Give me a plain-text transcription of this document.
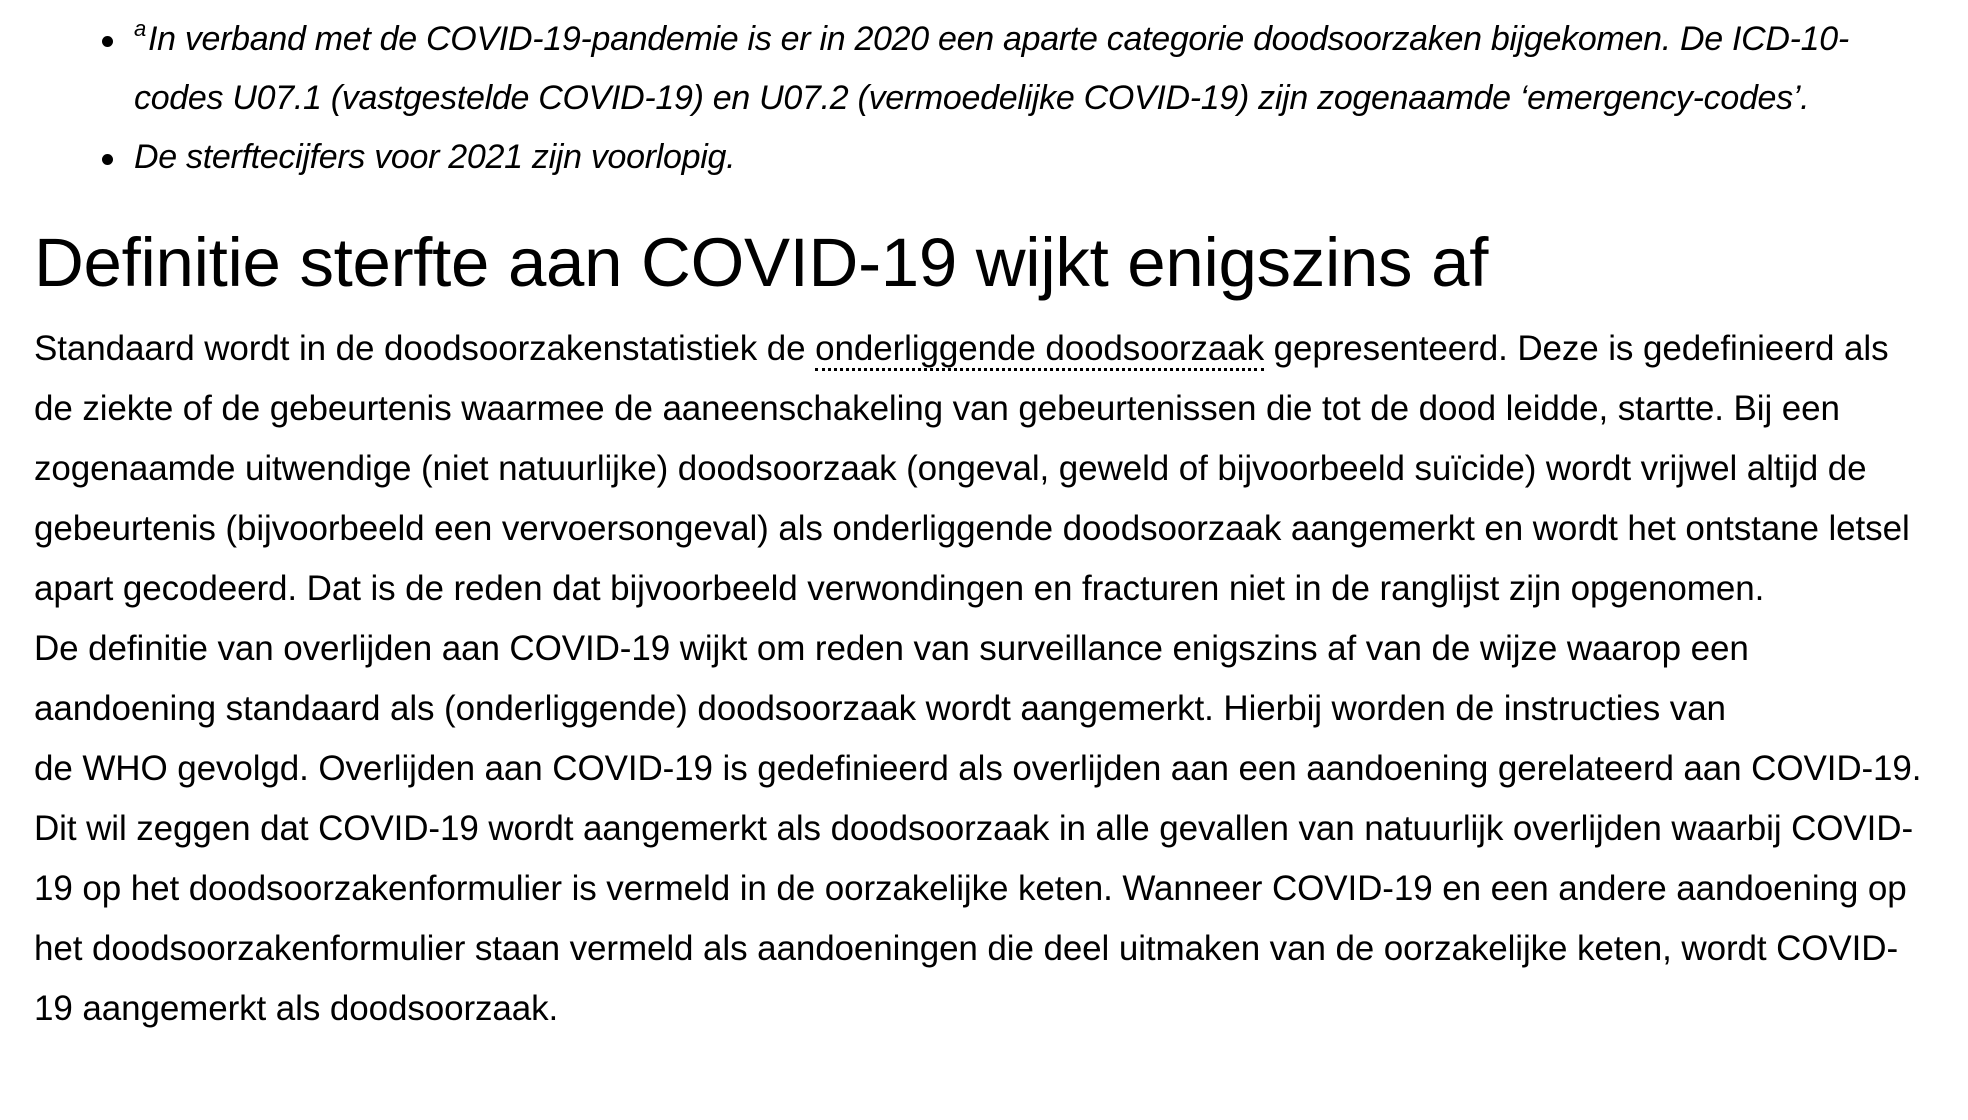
$^a$In verband met de COVID-19-pandemie is er in 2020 een aparte categorie doodsoorzaken bijgekomen. De ICD-10-codes U07.1 (vastgestelde COVID-19) en U07.2 (vermoedelijke COVID-19) zijn zogenaamde ‘emergency-codes’.
De sterftecijfers voor 2021 zijn voorlopig.
Definitie sterfte aan COVID-19 wijkt enigszins af

Standaard wordt in de doodsoorzakenstatistiek de onderliggende doodsoorzaak gepresenteerd. Deze is gedefinieerd als de ziekte of de gebeurtenis waarmee de aaneenschakeling van gebeurtenissen die tot de dood leidde, startte. Bij een zogenaamde uitwendige (niet natuurlijke) doodsoorzaak (ongeval, geweld of bijvoorbeeld suïcide) wordt vrijwel altijd de gebeurtenis (bijvoorbeeld een vervoersongeval) als onderliggende doodsoorzaak aangemerkt en wordt het ontstane letsel apart gecodeerd. Dat is de reden dat bijvoorbeeld verwondingen en fracturen niet in de ranglijst zijn opgenomen.

De definitie van overlijden aan COVID-19 wijkt om reden van surveillance enigszins af van de wijze waarop een aandoening standaard als (onderliggende) doodsoorzaak wordt aangemerkt. Hierbij worden de instructies van
de WHO gevolgd. Overlijden aan COVID-19 is gedefinieerd als overlijden aan een aandoening gerelateerd aan COVID-19. Dit wil zeggen dat COVID-19 wordt aangemerkt als doodsoorzaak in alle gevallen van natuurlijk overlijden waarbij COVID-19 op het doodsoorzakenformulier is vermeld in de oorzakelijke keten. Wanneer COVID-19 en een andere aandoening op het doodsoorzakenformulier staan vermeld als aandoeningen die deel uitmaken van de oorzakelijke keten, wordt COVID-19 aangemerkt als doodsoorzaak.
